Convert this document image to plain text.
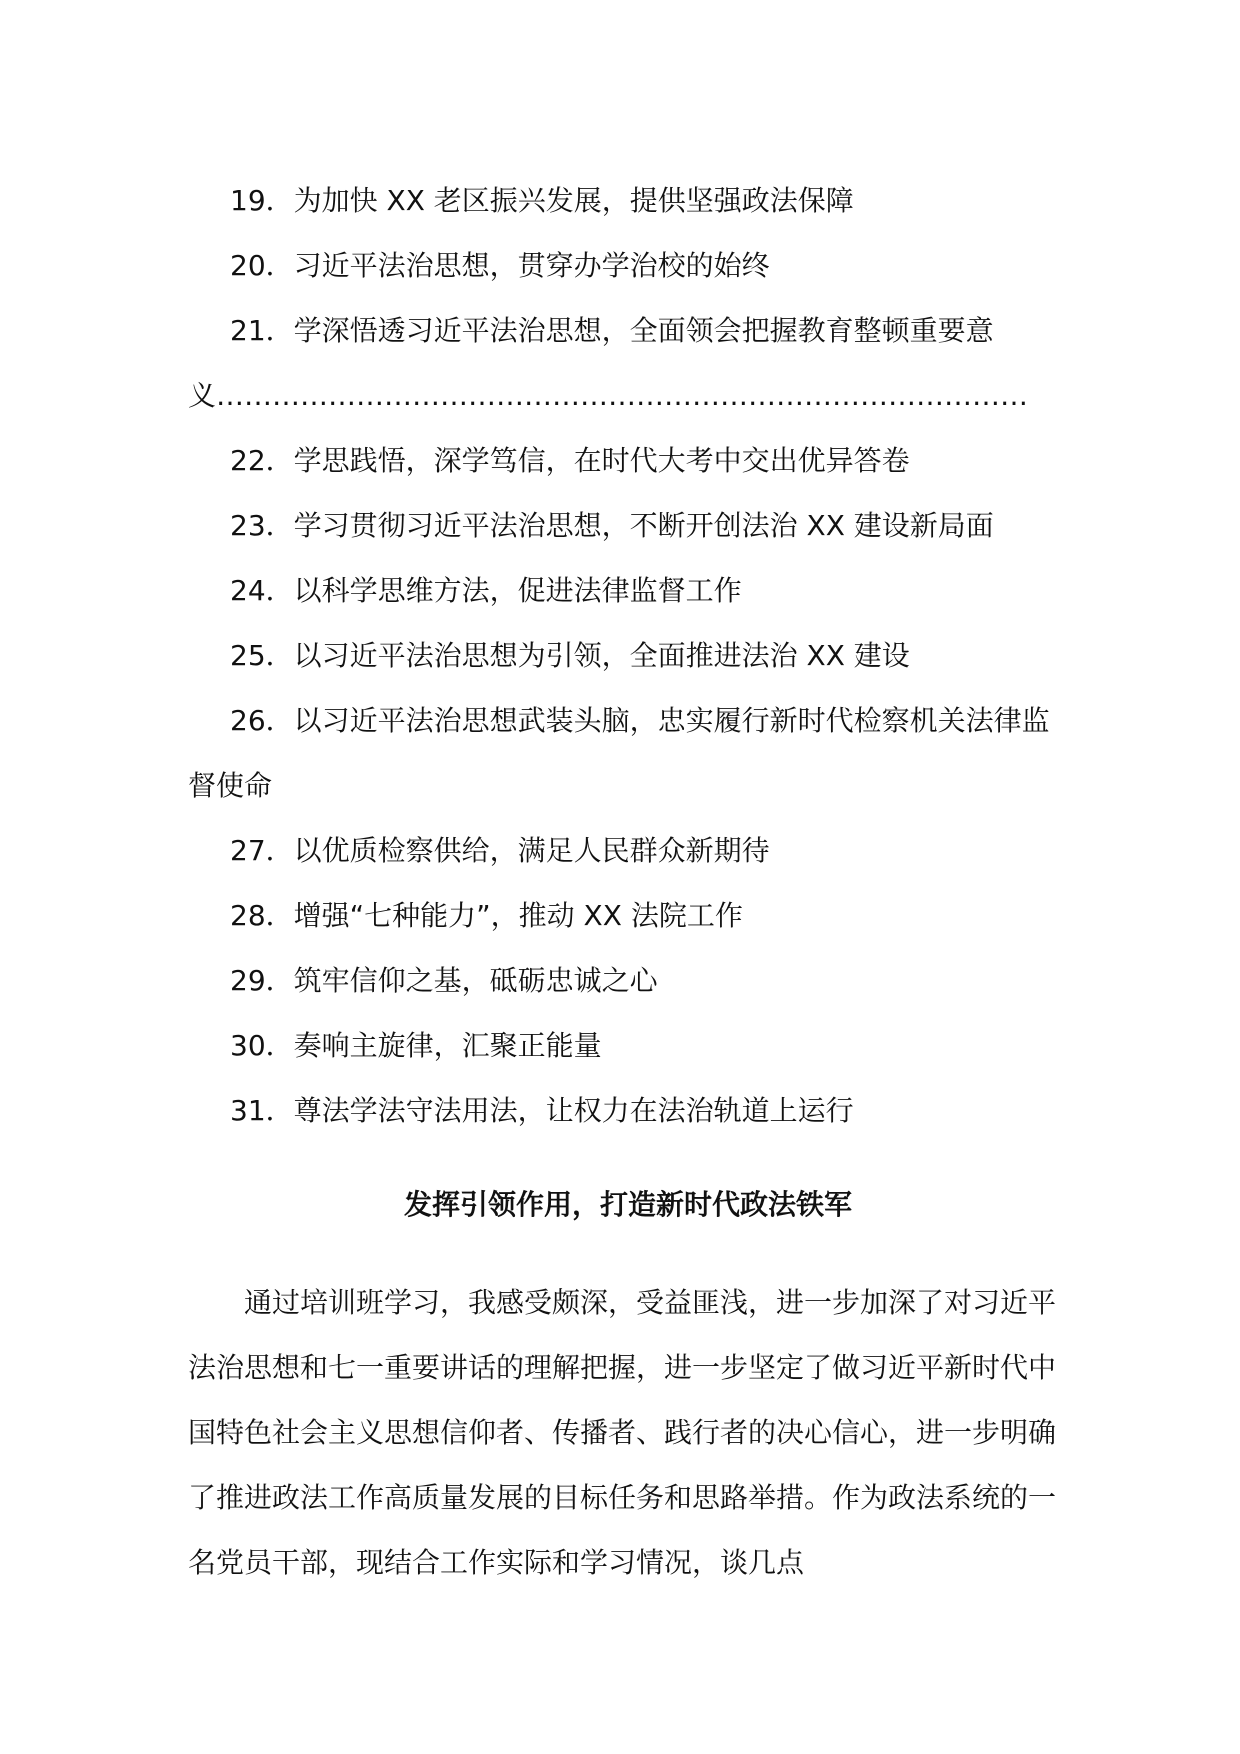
19．为加快 XX 老区振兴发展，提供坚强政法保障
20．习近平法治思想，贯穿办学治校的始终
21．学深悟透习近平法治思想，全面领会把握教育整顿重要意义……………………………………………………………………………
22．学思践悟，深学笃信，在时代大考中交出优异答卷
23．学习贯彻习近平法治思想，不断开创法治 XX 建设新局面
24．以科学思维方法，促进法律监督工作
25．以习近平法治思想为引领，全面推进法治 XX 建设
26．以习近平法治思想武装头脑，忠实履行新时代检察机关法律监督使命
27．以优质检察供给，满足人民群众新期待
28．增强“七种能力”，推动 XX 法院工作
29．筑牢信仰之基，砥砺忠诚之心
30．奏响主旋律，汇聚正能量
31．尊法学法守法用法，让权力在法治轨道上运行
发挥引领作用，打造新时代政法铁军

通过培训班学习，我感受颇深，受益匪浅，进一步加深了对习近平法治思想和七一重要讲话的理解把握，进一步坚定了做习近平新时代中国特色社会主义思想信仰者、传播者、践行者的决心信心，进一步明确了推进政法工作高质量发展的目标任务和思路举措。作为政法系统的一名党员干部，现结合工作实际和学习情况，谈几点
